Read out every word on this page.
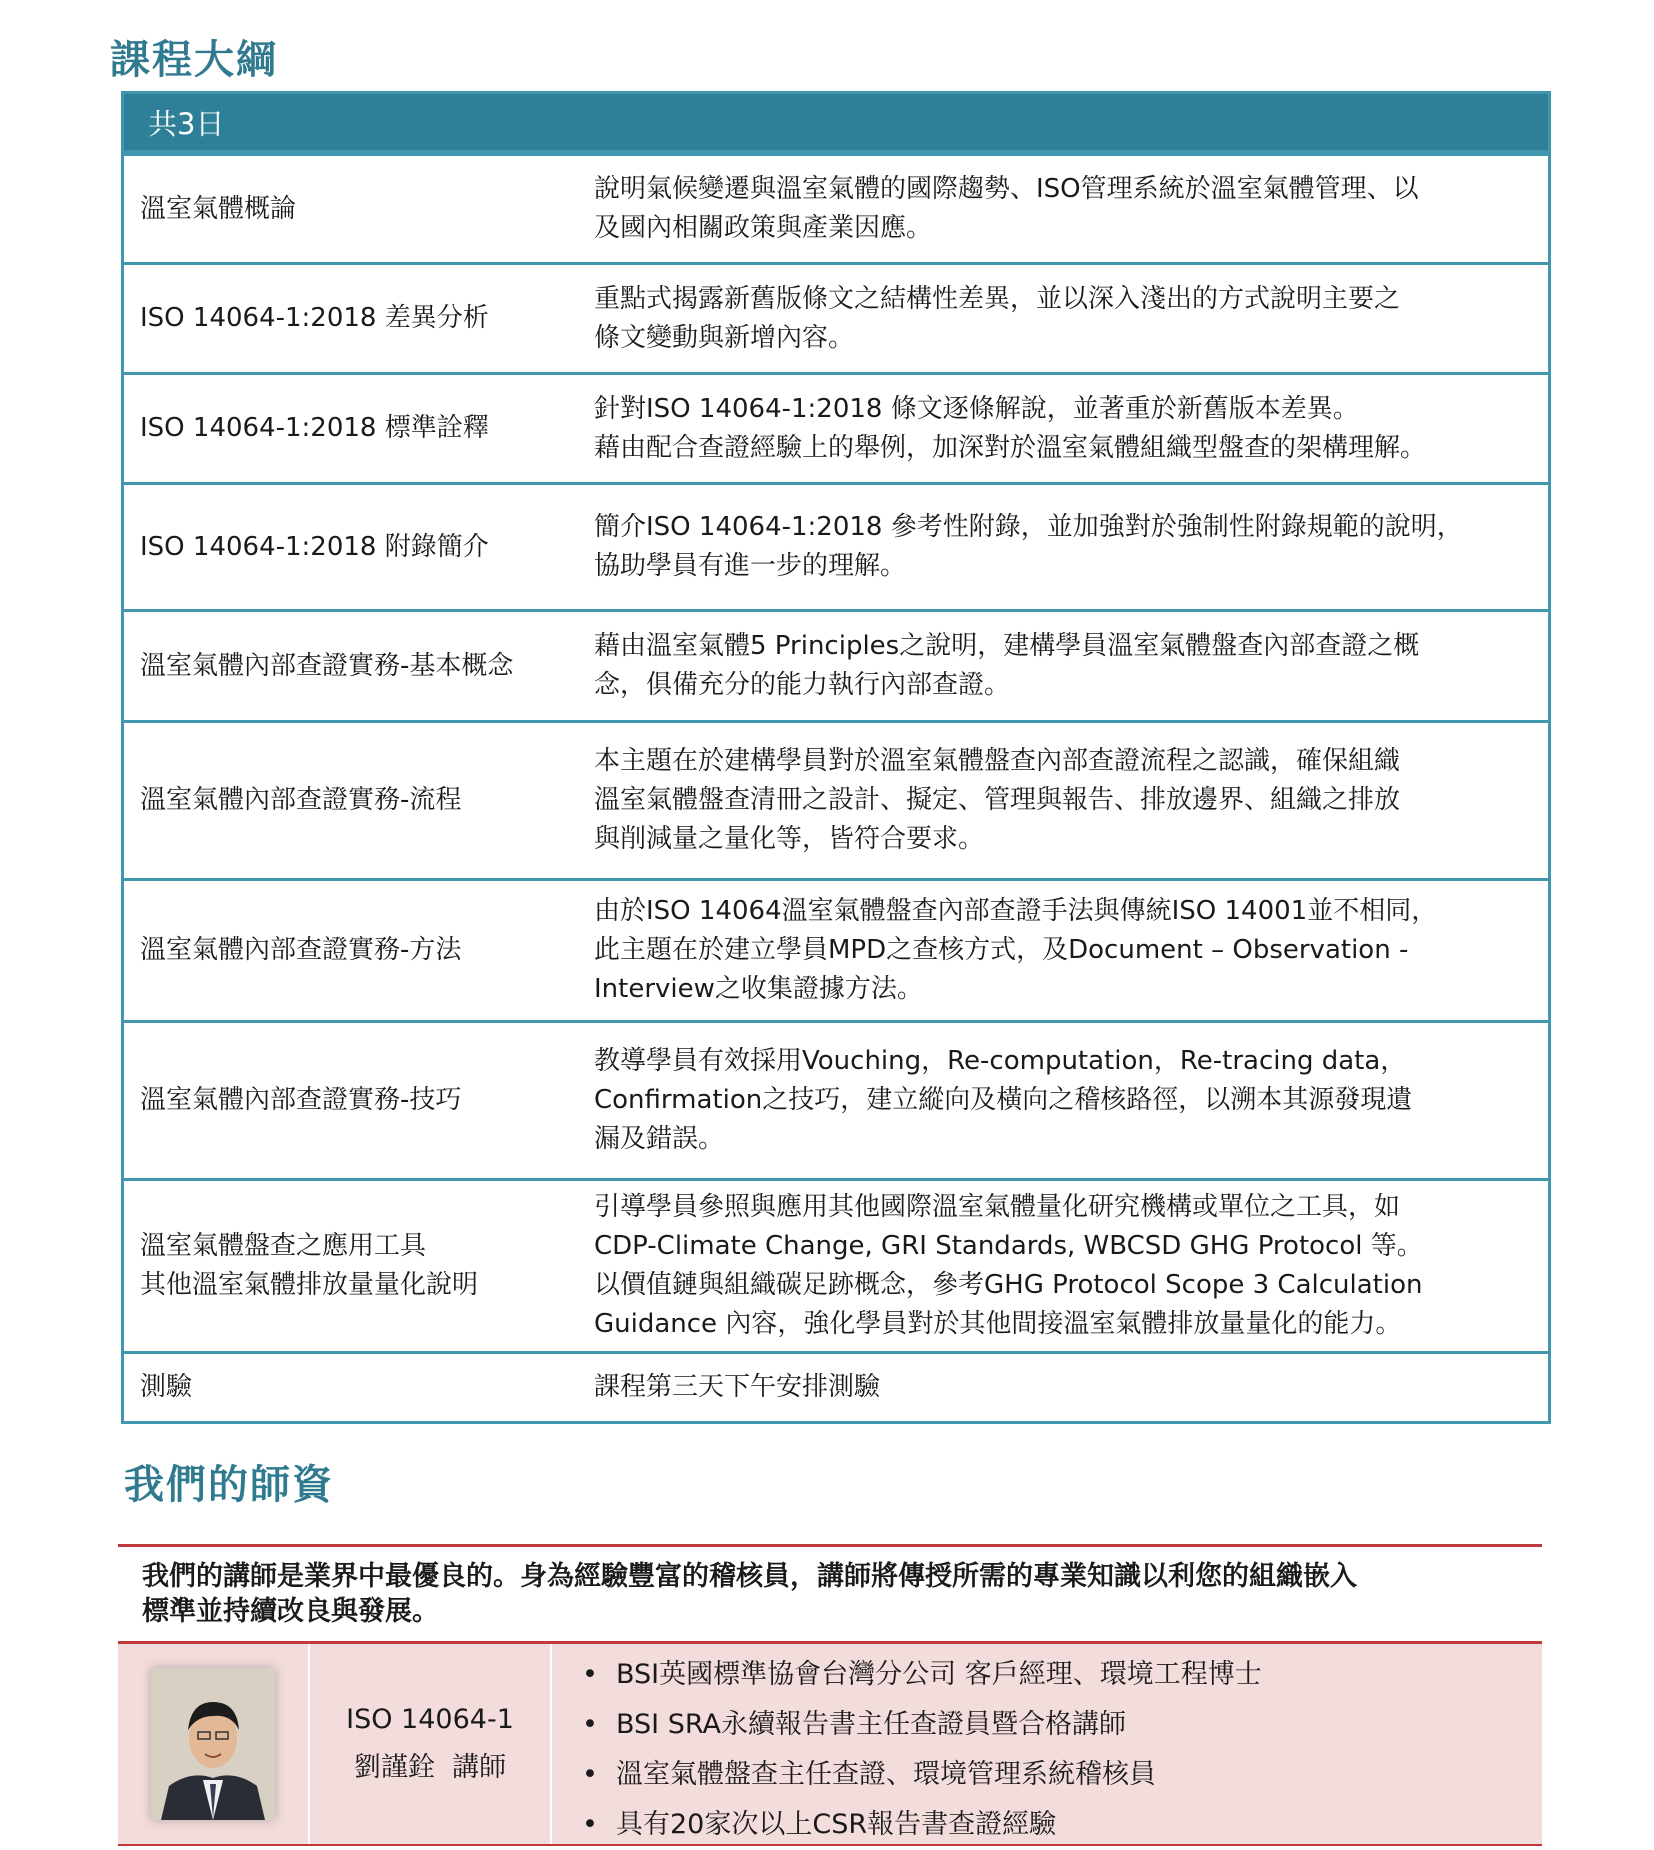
課程大綱
共3日
溫室氣體概論
說明氣候變遷與溫室氣體的國際趨勢、ISO管理系統於溫室氣體管理、以
及國內相關政策與產業因應。
ISO 14064-1:2018 差異分析
重點式揭露新舊版條文之結構性差異，並以深入淺出的方式說明主要之
條文變動與新增內容。
ISO 14064-1:2018 標準詮釋
針對ISO 14064-1:2018 條文逐條解說，並著重於新舊版本差異。
藉由配合查證經驗上的舉例，加深對於溫室氣體組織型盤查的架構理解。
ISO 14064-1:2018 附錄簡介
簡介ISO 14064-1:2018 參考性附錄，並加強對於強制性附錄規範的說明，
協助學員有進一步的理解。
溫室氣體內部查證實務-基本概念
藉由溫室氣體5 Principles之說明，建構學員溫室氣體盤查內部查證之概
念，俱備充分的能力執行內部查證。
溫室氣體內部查證實務-流程
本主題在於建構學員對於溫室氣體盤查內部查證流程之認識，確保組織
溫室氣體盤查清冊之設計、擬定、管理與報告、排放邊界、組織之排放
與削減量之量化等，皆符合要求。
溫室氣體內部查證實務-方法
由於ISO 14064溫室氣體盤查內部查證手法與傳統ISO 14001並不相同，
此主題在於建立學員MPD之查核方式，及Document – Observation -
Interview之收集證據方法。
溫室氣體內部查證實務-技巧
教導學員有效採用Vouching，Re-computation，Re-tracing data，
Confirmation之技巧，建立縱向及橫向之稽核路徑，以溯本其源發現遺
漏及錯誤。
溫室氣體盤查之應用工具
其他溫室氣體排放量量化說明
引導學員參照與應用其他國際溫室氣體量化研究機構或單位之工具，如
CDP-Climate Change, GRI Standards, WBCSD GHG Protocol 等。
以價值鏈與組織碳足跡概念，參考GHG Protocol Scope 3 Calculation
Guidance 內容，強化學員對於其他間接溫室氣體排放量量化的能力。
測驗	課程第三天下午安排測驗
我們的師資
我們的講師是業界中最優良的。身為經驗豐富的稽核員，講師將傳授所需的專業知識以利您的組織嵌入
標準並持續改良與發展。
ISO 14064-1
劉謹銓  講師
• BSI英國標準協會台灣分公司 客戶經理、環境工程博士
• BSI SRA永續報告書主任查證員暨合格講師
• 溫室氣體盤查主任查證、環境管理系統稽核員
• 具有20家次以上CSR報告書查證經驗
